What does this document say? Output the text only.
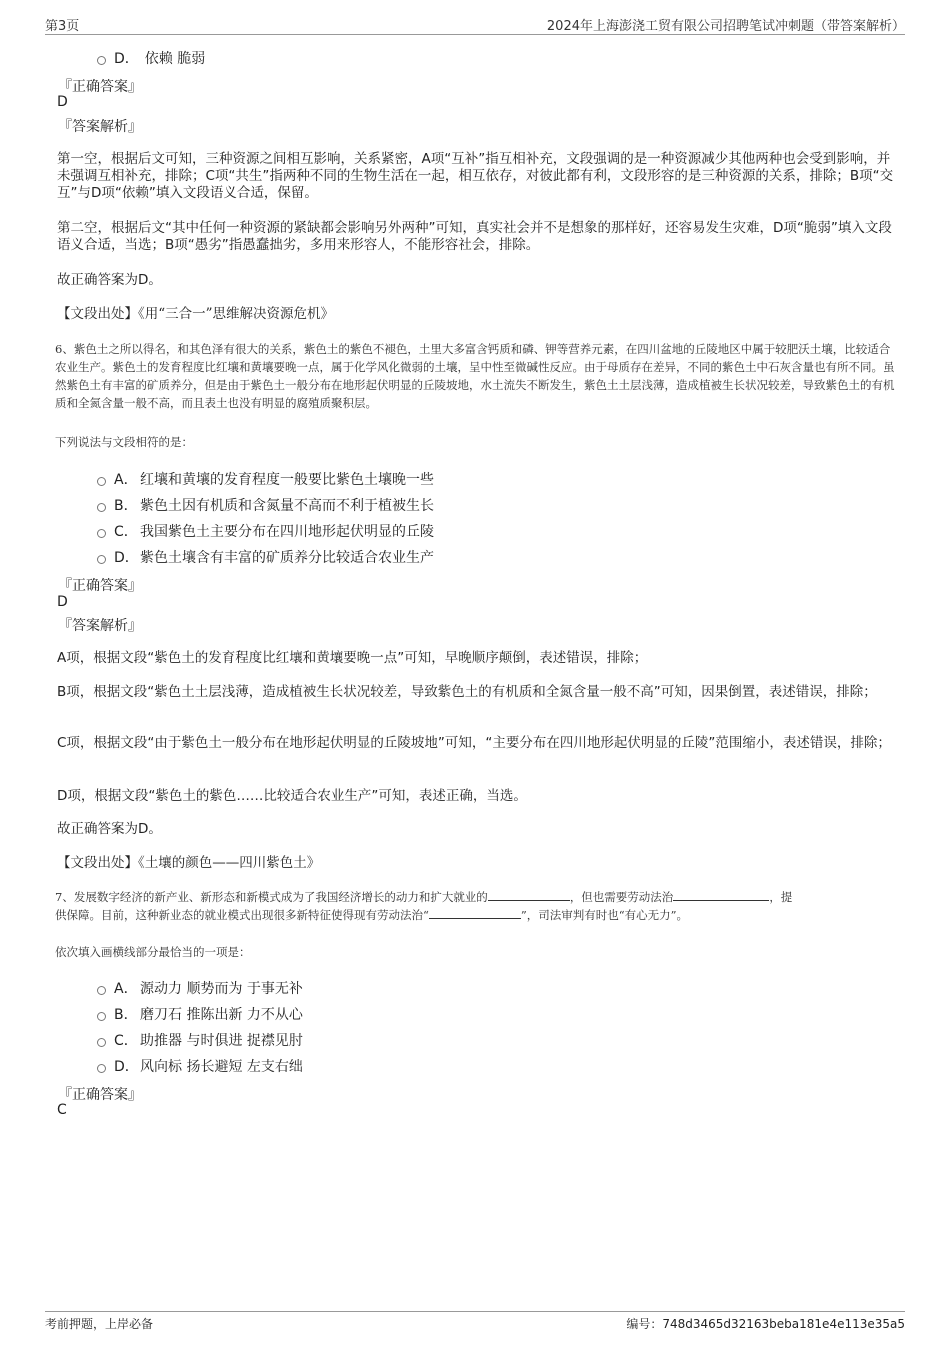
第3页	2024年上海澎浇工贸有限公司招聘笔试冲刺题（带答案解析）
D． 依赖 脆弱
『正确答案』
D
『答案解析』
第一空，根据后文可知，三种资源之间相互影响，关系紧密，A项“互补”指互相补充，文段强调的是一种资源减少其他两种也会受到影响，并未强调互相补充，排除；C项“共生”指两种不同的生物生活在一起，相互依存，对彼此都有利，文段形容的是三种资源的关系，排除；B项“交互”与D项“依赖”填入文段语义合适，保留。
第二空，根据后文“其中任何一种资源的紧缺都会影响另外两种”可知，真实社会并不是想象的那样好，还容易发生灾难，D项“脆弱”填入文段语义合适，当选；B项“愚劣”指愚蠢拙劣，多用来形容人，不能形容社会，排除。
故正确答案为D。
【文段出处】《用“三合一”思维解决资源危机》
6、紫色土之所以得名，和其色泽有很大的关系，紫色土的紫色不褪色，土里大多富含钙质和磷、钾等营养元素，在四川盆地的丘陵地区中属于较肥沃土壤，比较适合农业生产。紫色土的发育程度比红壤和黄壤要晚一点，属于化学风化微弱的土壤，呈中性至微碱性反应。由于母质存在差异，不同的紫色土中石灰含量也有所不同。虽然紫色土有丰富的矿质养分，但是由于紫色土一般分布在地形起伏明显的丘陵坡地，水土流失不断发生，紫色土土层浅薄，造成植被生长状况较差，导致紫色土的有机质和全氮含量一般不高，而且表土也没有明显的腐殖质聚积层。
下列说法与文段相符的是：
A． 红壤和黄壤的发育程度一般要比紫色土壤晚一些
B． 紫色土因有机质和含氮量不高而不利于植被生长
C． 我国紫色土主要分布在四川地形起伏明显的丘陵
D． 紫色土壤含有丰富的矿质养分比较适合农业生产
『正确答案』
D
『答案解析』
A项，根据文段“紫色土的发育程度比红壤和黄壤要晚一点”可知，早晚顺序颠倒，表述错误，排除；
B项，根据文段“紫色土土层浅薄，造成植被生长状况较差，导致紫色土的有机质和全氮含量一般不高”可知，因果倒置，表述错误，排除；
C项，根据文段“由于紫色土一般分布在地形起伏明显的丘陵坡地”可知，“主要分布在四川地形起伏明显的丘陵”范围缩小，表述错误，排除；
D项，根据文段“紫色土的紫色……比较适合农业生产”可知，表述正确，当选。
故正确答案为D。
【文段出处】《土壤的颜色——四川紫色土》
7、发展数字经济的新产业、新形态和新模式成为了我国经济增长的动力和扩大就业的	，但也需要劳动法治	，提
供保障。目前，这种新业态的就业模式出现很多新特征使得现有劳动法治“	”，司法审判有时也“有心无力”。
依次填入画横线部分最恰当的一项是：
A． 源动力 顺势而为 于事无补
B． 磨刀石 推陈出新 力不从心
C． 助推器 与时俱进 捉襟见肘
D． 风向标 扬长避短 左支右绌
『正确答案』
C
考前押题，上岸必备	编号：748d3465d32163beba181e4e113e35a5
